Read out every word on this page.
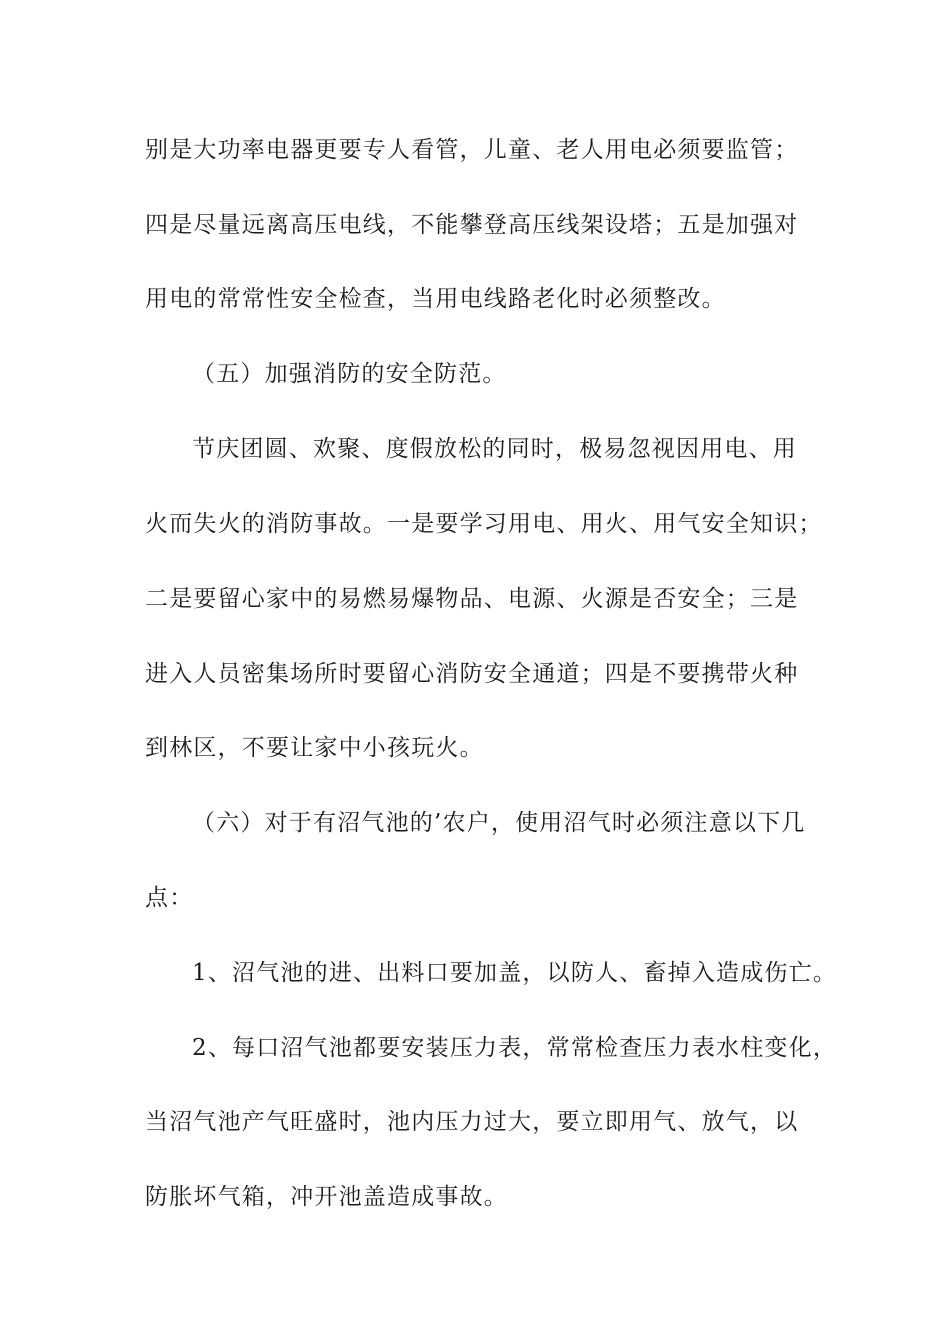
别是大功率电器更要专人看管，儿童、老人用电必须要监管；
四是尽量远离高压电线，不能攀登高压线架设塔；五是加强对
用电的常常性安全检查，当用电线路老化时必须整改。
（五）加强消防的安全防范。
节庆团圆、欢聚、度假放松的同时，极易忽视因用电、用
火而失火的消防事故。一是要学习用电、用火、用气安全知识；
二是要留心家中的易燃易爆物品、电源、火源是否安全；三是
进入人员密集场所时要留心消防安全通道；四是不要携带火种
到林区，不要让家中小孩玩火。
（六）对于有沼气池的’农户，使用沼气时必须注意以下几
点：
1、沼气池的进、出料口要加盖，以防人、畜掉入造成伤亡。
2、每口沼气池都要安装压力表，常常检查压力表水柱变化，
当沼气池产气旺盛时，池内压力过大，要立即用气、放气，以
防胀坏气箱，冲开池盖造成事故。
